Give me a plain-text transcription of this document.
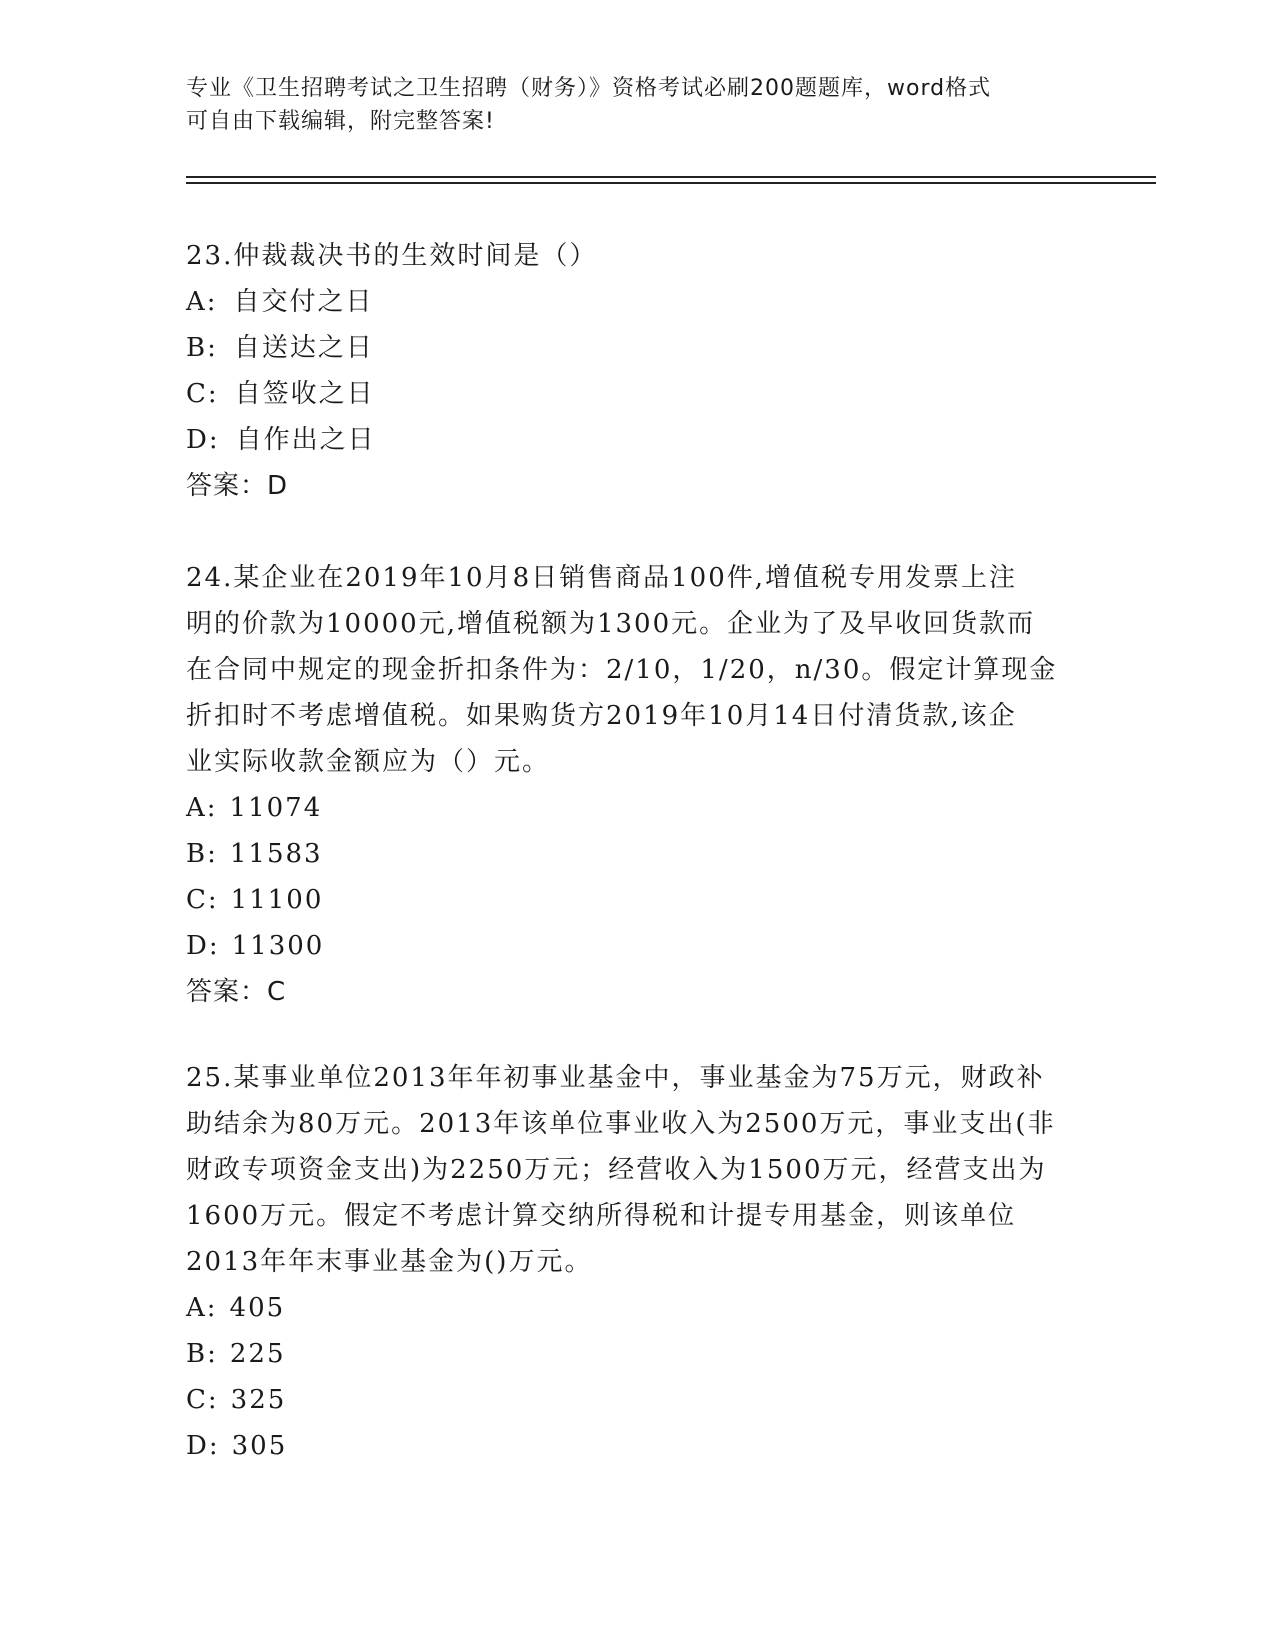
专业《卫生招聘考试之卫生招聘（财务）》资格考试必刷200题题库，word格式
可自由下载编辑，附完整答案!

23.仲裁裁决书的生效时间是（）

A: 自交付之日
B: 自送达之日
C: 自签收之日
D: 自作出之日

答案：D

24.某企业在2019年10月8日销售商品100件,增值税专用发票上注

明的价款为10000元,增值税额为1300元。企业为了及早收回货款而

在合同中规定的现金折扣条件为：2/10，1/20，n/30。假定计算现金

折扣时不考虑增值税。如果购货方2019年10月14日付清货款,该企

业实际收款金额应为（）元。

A: 11074
B: 11583
C: 11100
D: 11300

答案：C

25.某事业单位2013年年初事业基金中，事业基金为75万元，财政补

助结余为80万元。2013年该单位事业收入为2500万元，事业支出(非

财政专项资金支出)为2250万元；经营收入为1500万元，经营支出为

1600万元。假定不考虑计算交纳所得税和计提专用基金，则该单位

2013年年末事业基金为()万元。

A: 405
B: 225
C: 325
D: 305
